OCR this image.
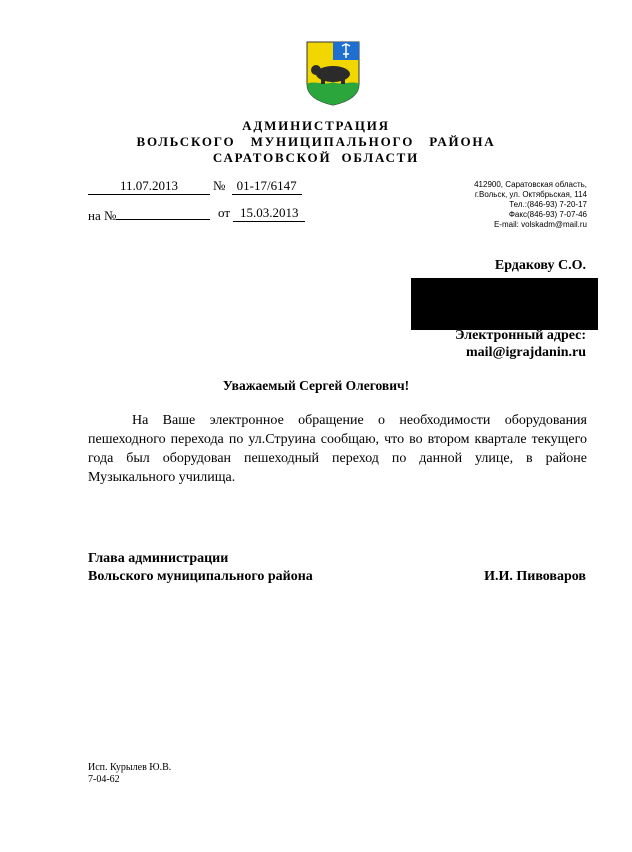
АДМИНИСТРАЦИЯ
ВОЛЬСКОГО   МУНИЦИПАЛЬНОГО   РАЙОНА
САРАТОВСКОЙ  ОБЛАСТИ
11.07.2013	№ 01-17/6147
на №	от 15.03.2013
412900, Саратовская область,
г.Вольск, ул. Октябрьская, 114
Тел.:(846-93) 7-20-17
Факс(846-93) 7-07-46
E-mail: volskadm@mail.ru
Ердакову С.О.
Электронный адрес:
mail@igrajdanin.ru
Уважаемый Сергей Олегович!

На Ваше электронное обращение о необходимости оборудования пешеходного перехода по ул.Струина сообщаю, что во втором квартале текущего года был оборудован пешеходный переход по данной улице, в районе Музыкального училища.

Глава администрации
Вольского муниципального района	И.И. Пивоваров
Исп. Курылев Ю.В.
7-04-62
